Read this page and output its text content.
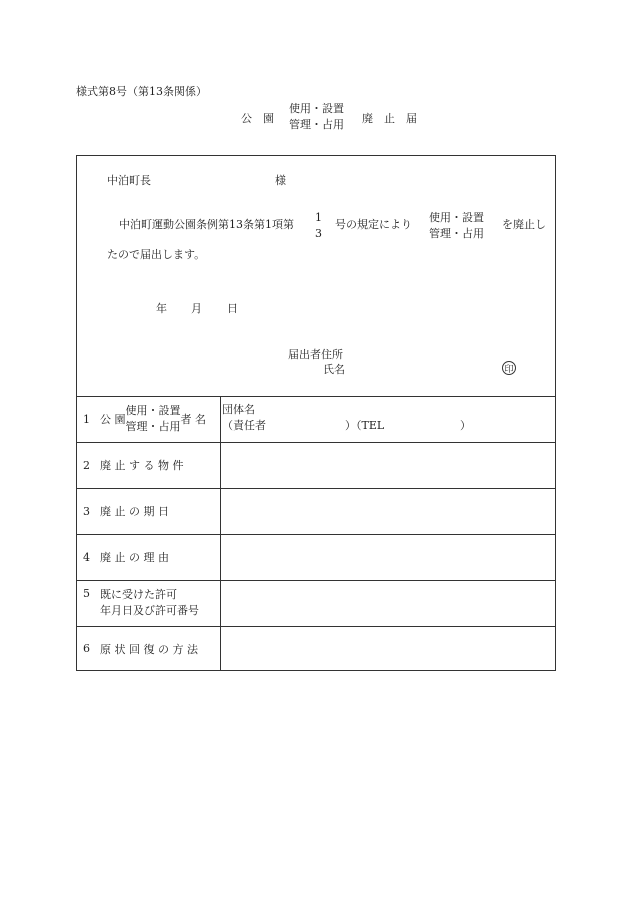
様式第8号（第13条関係）
公　園
使用・設置
管理・占用 廃　止　届
中泊町長	様
中泊町運動公園条例第13条第1項第
1
3
号の規定により
使用・設置
管理・占用
を廃止し
たので届出します。
年 月 日
届出者住所
氏名
1 公 園
使用・設置
管理・占用
者 名
団体名
（責任者	）（TEL	）
2 廃 止 す る 物 件
3 廃 止 の 期 日
4 廃 止 の 理 由
5 既に受けた許可
年月日及び許可番号
6 原 状 回 復 の 方 法
印
